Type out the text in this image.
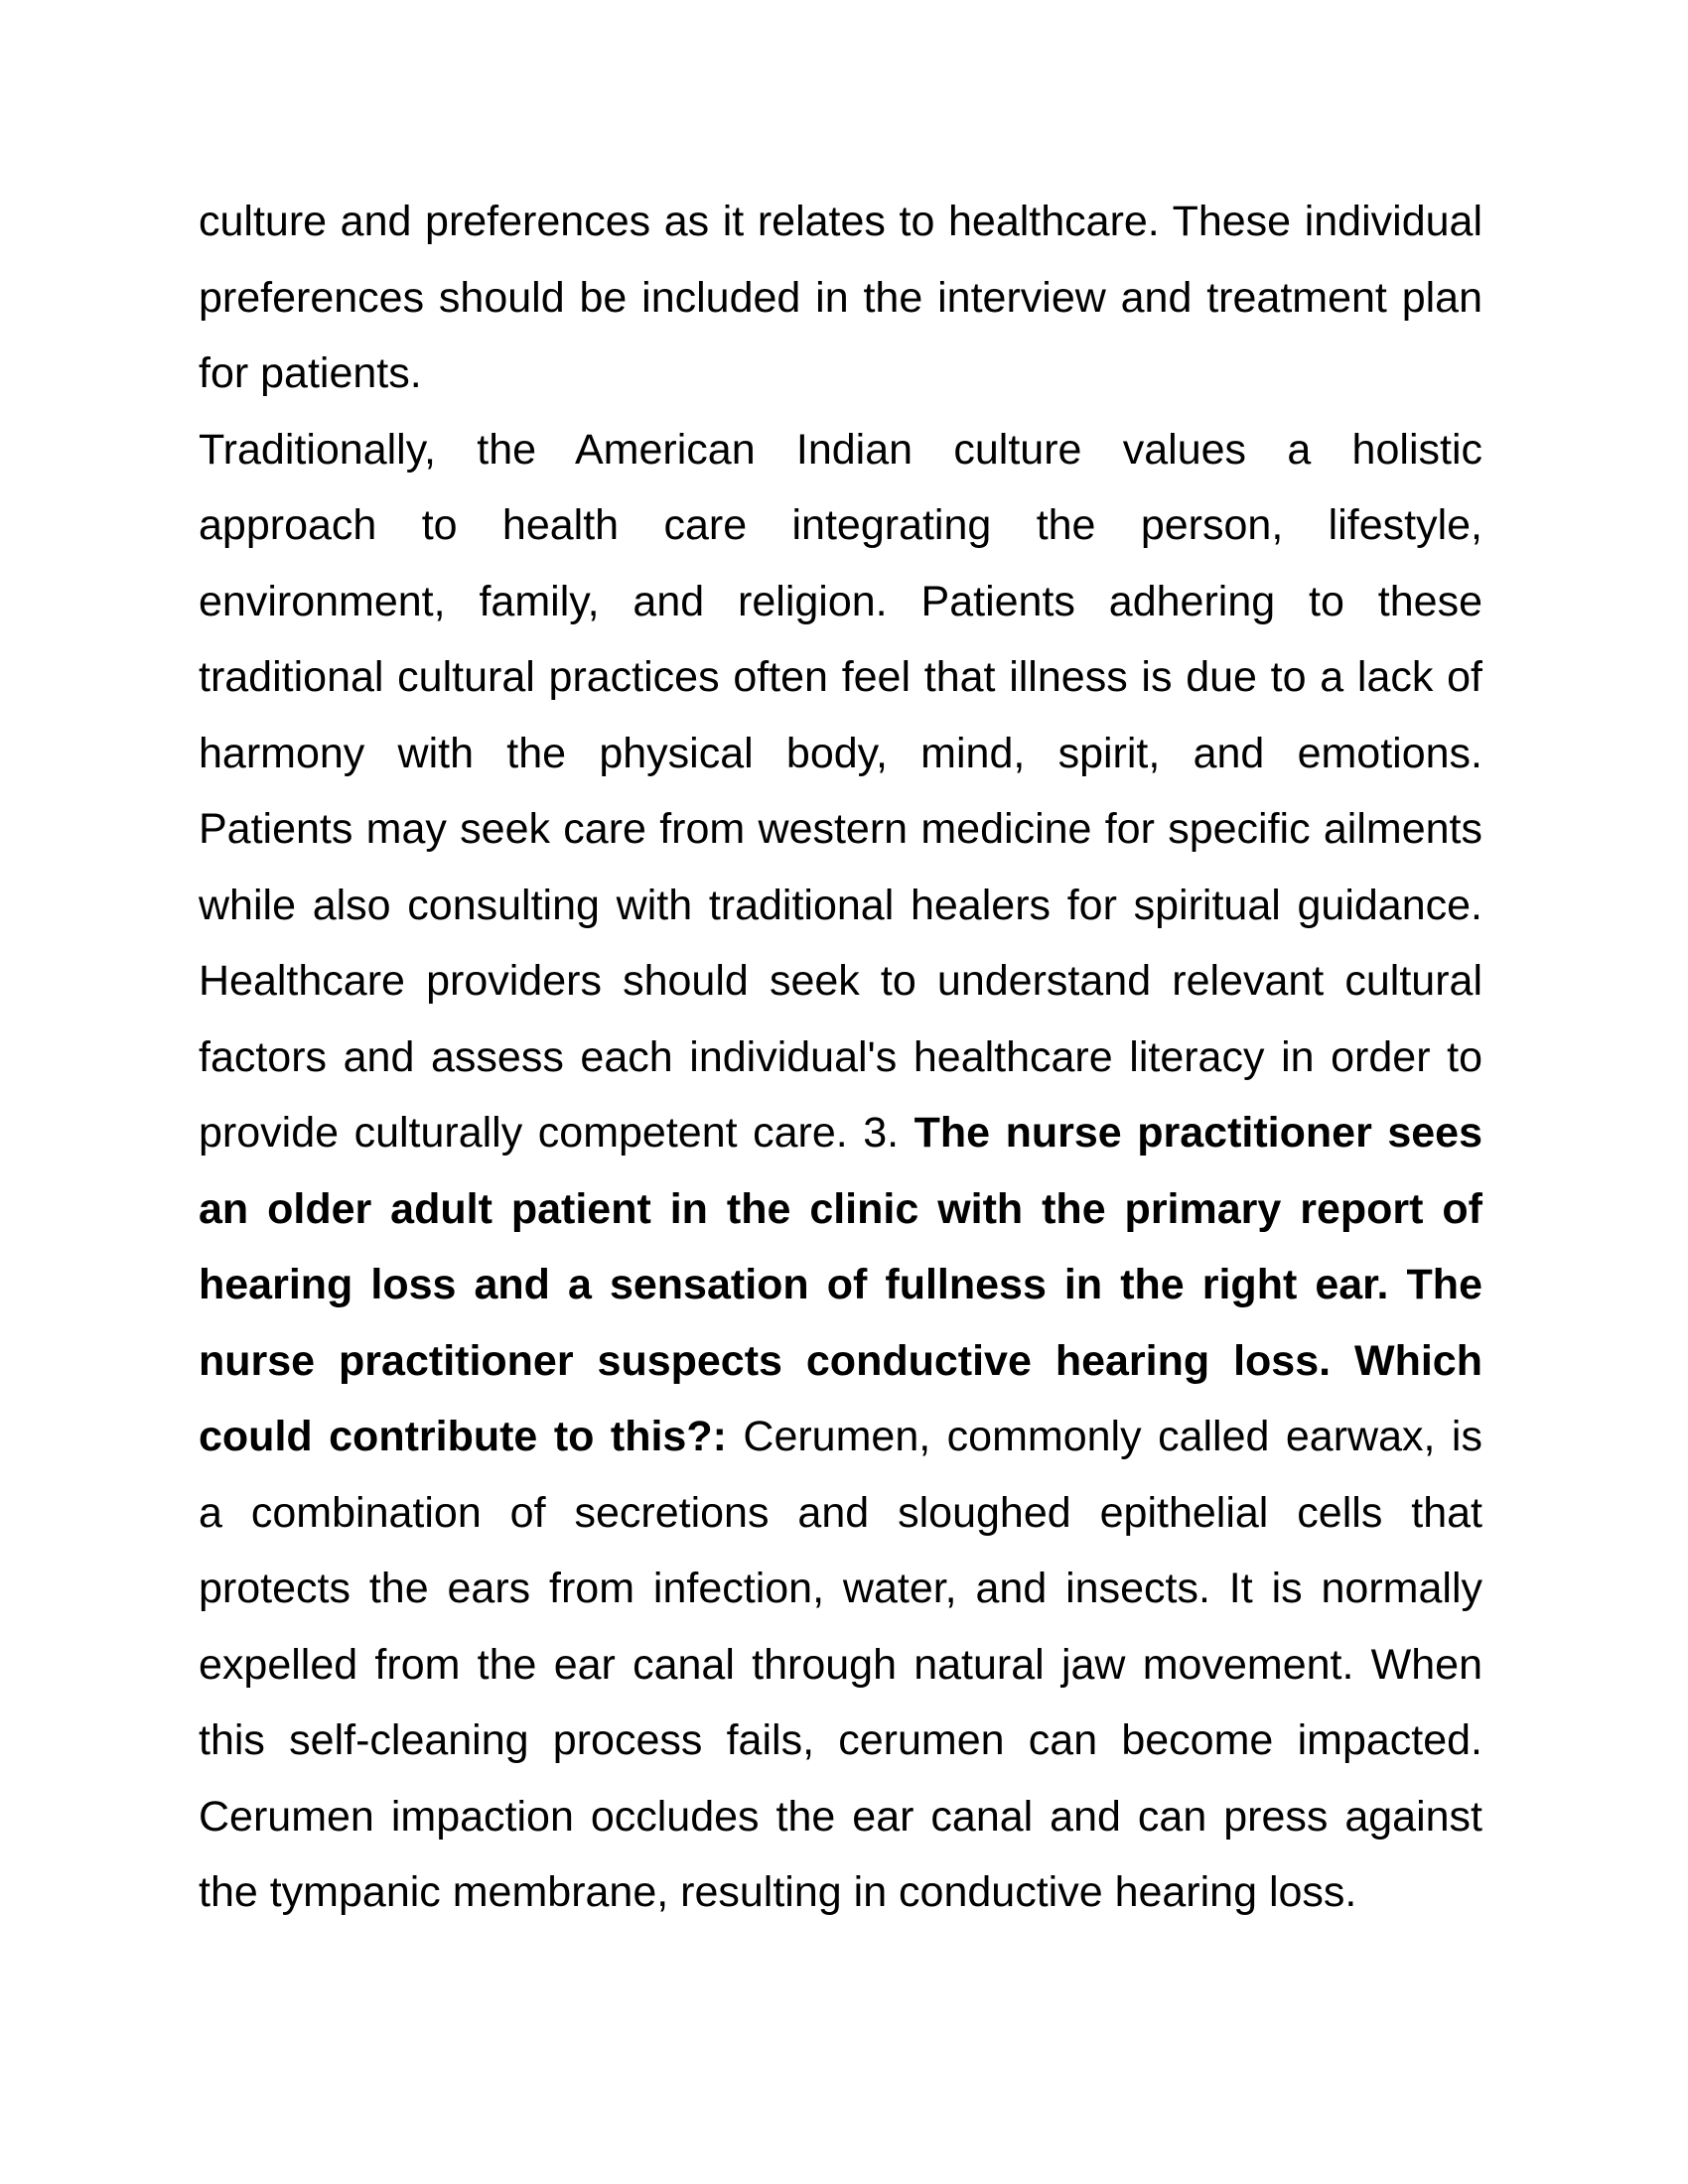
culture and preferences as it relates to healthcare. These individual
preferences should be included in the interview and treatment plan
for patients.
Traditionally, the American Indian culture values a holistic
approach to health care integrating the person, lifestyle,
environment, family, and religion. Patients adhering to these
traditional cultural practices often feel that illness is due to a lack of
harmony with the physical body, mind, spirit, and emotions.
Patients may seek care from western medicine for specific ailments
while also consulting with traditional healers for spiritual guidance.
Healthcare providers should seek to understand relevant cultural
factors and assess each individual's healthcare literacy in order to
provide culturally competent care. 3. The nurse practitioner sees
an older adult patient in the clinic with the primary report of
hearing loss and a sensation of fullness in the right ear. The
nurse practitioner suspects conductive hearing loss. Which
could contribute to this?: Cerumen, commonly called earwax, is
a combination of secretions and sloughed epithelial cells that
protects the ears from infection, water, and insects. It is normally
expelled from the ear canal through natural jaw movement. When
this self-cleaning process fails, cerumen can become impacted.
Cerumen impaction occludes the ear canal and can press against
the tympanic membrane, resulting in conductive hearing loss.
